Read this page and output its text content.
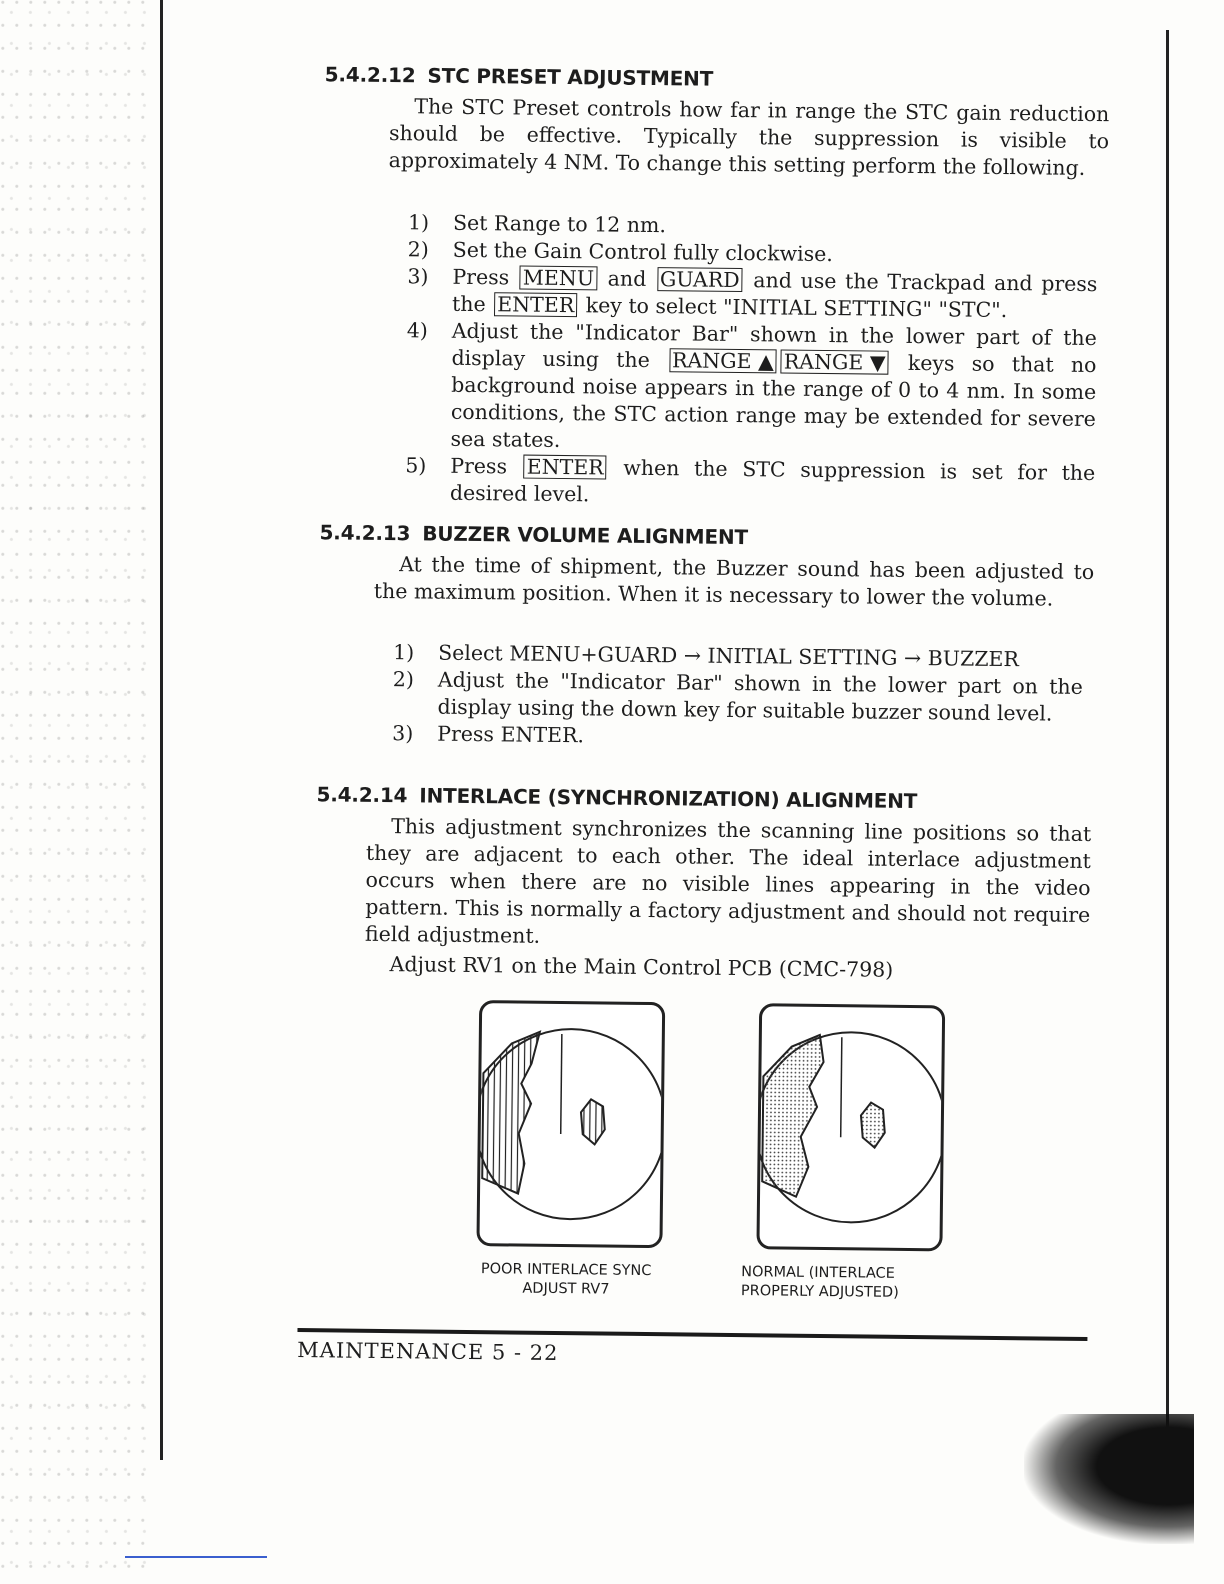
5.4.2.12 STC PRESET ADJUSTMENT

The STC Preset controls how far in range the STC gain reduction should be effective. Typically the suppression is visible to approximately 4 NM. To change this setting perform the following.

1) Set Range to 12 nm.
2) Set the Gain Control fully clockwise.
3) Press MENU and GUARD and use the Trackpad and press the ENTER key to select "INITIAL SETTING" "STC".
4) Adjust the "Indicator Bar" shown in the lower part of the display using the RANGE ▲ RANGE ▼ keys so that no background noise appears in the range of 0 to 4 nm. In some conditions, the STC action range may be extended for severe sea states.
5) Press ENTER when the STC suppression is set for the desired level.
5.4.2.13 BUZZER VOLUME ALIGNMENT

At the time of shipment, the Buzzer sound has been adjusted to the maximum position. When it is necessary to lower the volume.

1) Select MENU+GUARD → INITIAL SETTING → BUZZER
2) Adjust the "Indicator Bar" shown in the lower part on the display using the down key for suitable buzzer sound level.
3) Press ENTER.
5.4.2.14 INTERLACE (SYNCHRONIZATION) ALIGNMENT

This adjustment synchronizes the scanning line positions so that they are adjacent to each other. The ideal interlace adjustment occurs when there are no visible lines appearing in the video pattern. This is normally a factory adjustment and should not require field adjustment.

Adjust RV1 on the Main Control PCB (CMC-798)

POOR INTERLACE SYNC
ADJUST RV7
NORMAL (INTERLACE
PROPERLY ADJUSTED)
MAINTENANCE 5 - 22
